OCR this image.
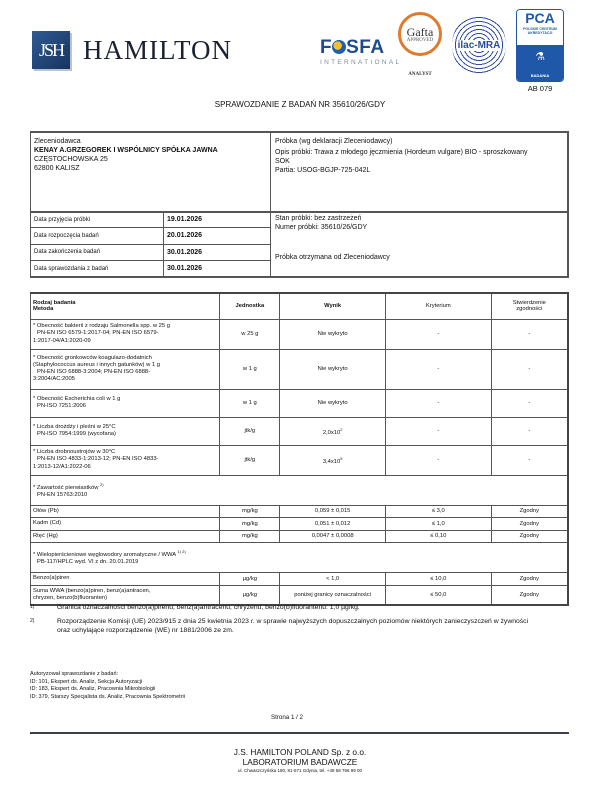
JSH HAMILTON	F SFA
INTERNATIONAL
Gafta
APPROVED
ANALYST
ilac-MRA
PCA
POLSKIE CENTRUM AKREDYTACJI
⚗
BADANIA
AB 079
SPRAWOZDANIE Z BADAŃ NR 35610/26/GDY
Zleceniodawca
KENAY A.GRZEGOREK I WSPÓLNICY SPÓŁKA JAWNA
CZĘSTOCHOWSKA 25
62800 KALISZ
Próbka (wg deklaracji Zleceniodawcy)
Opis próbki: Trawa z młodego jęczmienia (Hordeum vulgare) BIO - sproszkowany SOK
Partia: USOG-BGJP-725-042L
Data przyjęcia próbki	19.01.2026
Data rozpoczęcia badań	20.01.2026
Data zakończenia badań	30.01.2026
Data sprawozdania z badań	30.01.2026
Stan próbki: bez zastrzeżeń
Numer próbki: 35610/26/GDY
Próbka otrzymana od Zleceniodawcy
Rodzaj badania
Metoda	Jednostka	Wynik	Kryterium	Stwierdzenie
zgodności

* Obecność bakterii z rodzaju Salmonella spp. w 25 g
PN-EN ISO 6579-1:2017-04; PN-EN ISO 6579-
1:2017-04/A1:2020-09	w 25 g	Nie wykryto	-	-

* Obecność gronkowców koagulazo-dodatnich
(Staphylococcus aureus i innych gatunków) w 1 g
PN-EN ISO 6888-3:2004; PN-EN ISO 6888-
3:2004/AC:2005	w 1 g	Nie wykryto	-	-

* Obecność Escherichia coli w 1 g
PN-ISO 7251:2006	w 1 g	Nie wykryto	-	-

* Liczba drożdży i pleśni w 25°C
PN-ISO 7954:1999 (wycofana)	jtk/g	$2,0x10^2$	-	-

* Liczba drobnoustrojów w 30°C
PN-EN ISO 4833-1:2013-12; PN-EN ISO 4833-
1:2013-12/A1:2022-06	jtk/g	$3,4x10^5$	-	-

* Zawartość pierwiastków $^{2)}$
PN-EN 15763:2010				

Ołów (Pb)	mg/kg	0,059 ± 0,015	≤ 3,0	Zgodny
Kadm (Cd)	mg/kg	0,051 ± 0,012	≤ 1,0	Zgodny
Rtęć (Hg)	mg/kg	0,0047 ± 0,0008	≤ 0,10	Zgodny

* Wielopierścieniowe węglowodory aromatyczne / WWA $^{1) 2)}$
PB-117/HPLC wyd. VI z dn. 20.01.2019				

Benzo(a)piren	µg/kg	< 1,0	≤ 10,0	Zgodny

Suma WWA (benzo(a)piren, benz(a)antracen,
chryzen, benzo(b)fluoranten)	µg/kg	poniżej granicy oznaczalności	≤ 50,0	Zgodny
1)	Granica oznaczalności benzo(a)pirenu, benz(a)antracenu, chryzenu, benzo(b)fluorantenu: 1,0 µg/kg.
2)	Rozporządzenie Komisji (UE) 2023/915 z dnia 25 kwietnia 2023 r. w sprawie najwyższych dopuszczalnych poziomów niektórych zanieczyszczeń w żywności oraz uchylające rozporządzenie (WE) nr 1881/2006 ze zm.
Autoryzował sprawozdanie z badań:
ID: 101, Ekspert ds. Analiz, Sekcja Autoryzacji
ID: 183, Ekspert ds. Analiz, Pracownia Mikrobiologii
ID: 379, Starszy Specjalista ds. Analiz, Pracownia Spektrometrii
Strona 1 / 2
J.S. HAMILTON POLAND Sp. z o.o.
LABORATORIUM BADAWCZE
ul. Chwaszczyńska 180, 81-571 Gdynia, tel. +48 58 766 99 00
